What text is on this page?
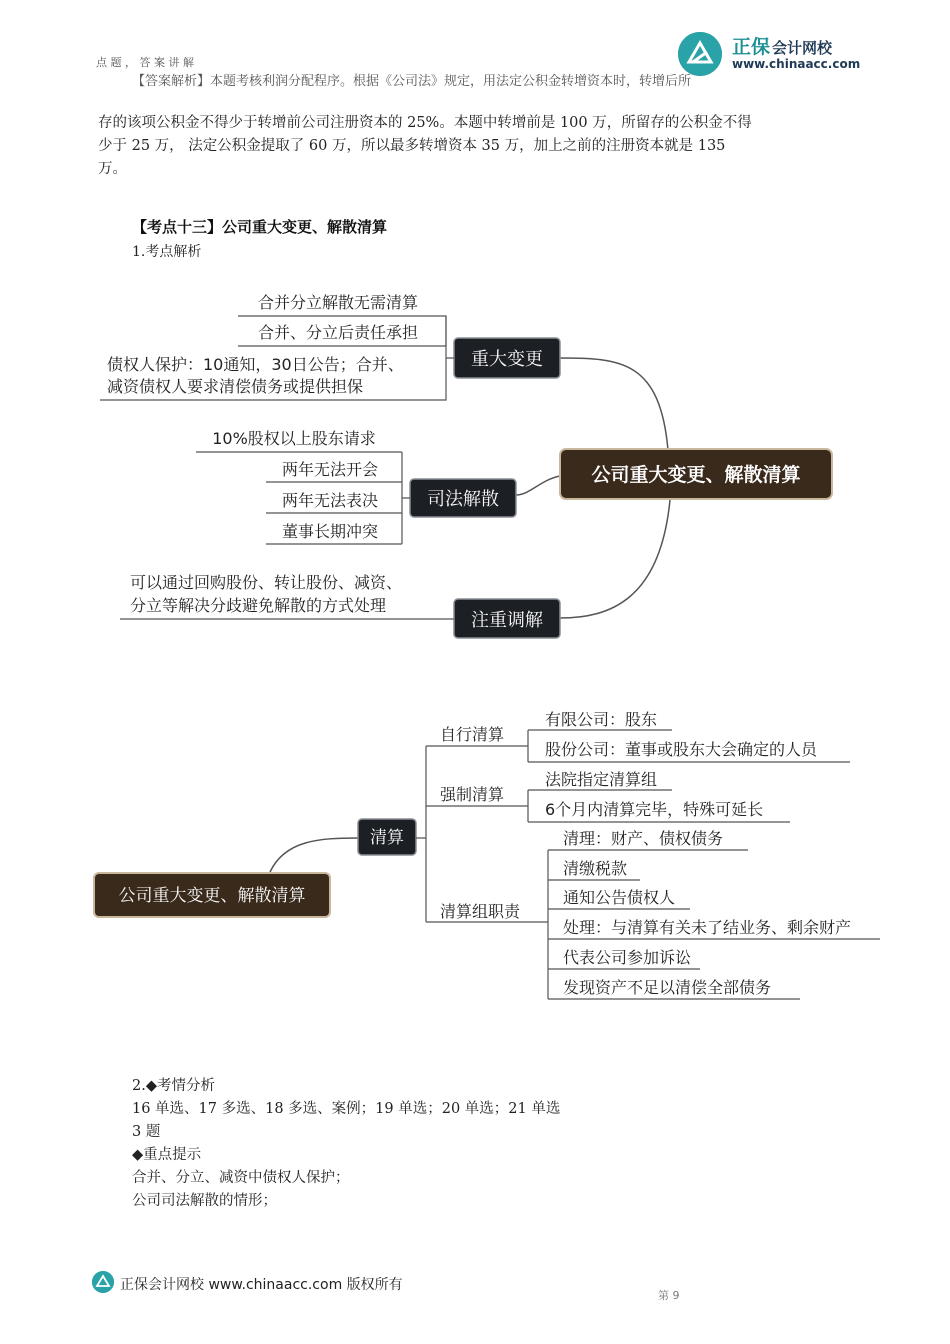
点 题 ， 答 案 讲 解
正保 会计网校
www.chinaacc.com
【答案解析】本题考核利润分配程序。根据《公司法》规定，用法定公积金转增资本时，转增后所

存的该项公积金不得少于转增前公司注册资本的 25%。本题中转增前是 100 万，所留存的公积金不得

少于 25 万， 法定公积金提取了 60 万，所以最多转增资本 35 万，加上之前的注册资本就是 135

万。

【考点十三】公司重大变更、解散清算
1.考点解析
公司重大变更、解散清算
重大变更
合并分立解散无需清算
合并、分立后责任承担
债权人保护：10通知，30日公告；合并、
减资债权人要求清偿债务或提供担保
司法解散
10%股权以上股东请求
两年无法开会
两年无法表决
董事长期冲突
注重调解
可以通过回购股份、转让股份、减资、
分立等解决分歧避免解散的方式处理
公司重大变更、解散清算
清算
自行清算
强制清算
清算组职责
有限公司：股东
股份公司：董事或股东大会确定的人员
法院指定清算组
6个月内清算完毕，特殊可延长
清理：财产、债权债务
清缴税款
通知公告债权人
处理：与清算有关未了结业务、剩余财产
代表公司参加诉讼
发现资产不足以清偿全部债务
2.◆考情分析
16 单选、17 多选、18 多选、案例；19 单选；20 单选；21 单选
3 题
◆重点提示
合并、分立、减资中债权人保护；
公司司法解散的情形；
正保会计网校 www.chinaacc.com 版权所有
第 9
